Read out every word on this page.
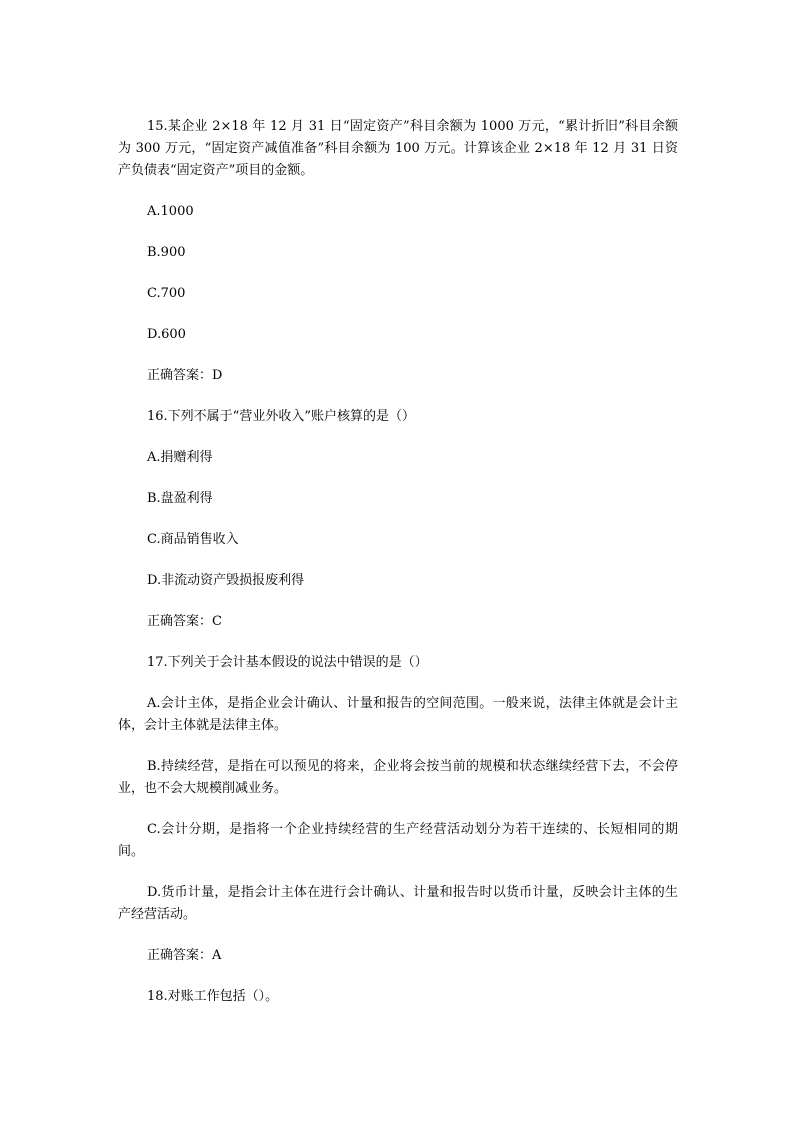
15.某企业 2×18 年 12 月 31 日“固定资产”科目余额为 1000 万元，“累计折旧”科目余额为 300 万元，“固定资产减值准备”科目余额为 100 万元。计算该企业 2×18 年 12 月 31 日资产负债表“固定资产”项目的金额。

A.1000

B.900

C.700

D.600

正确答案：D

16.下列不属于“营业外收入”账户核算的是（）

A.捐赠利得

B.盘盈利得

C.商品销售收入

D.非流动资产毁损报废利得

正确答案：C

17.下列关于会计基本假设的说法中错误的是（）

A.会计主体，是指企业会计确认、计量和报告的空间范围。一般来说，法律主体就是会计主体，会计主体就是法律主体。

B.持续经营，是指在可以预见的将来，企业将会按当前的规模和状态继续经营下去，不会停业，也不会大规模削减业务。

C.会计分期，是指将一个企业持续经营的生产经营活动划分为若干连续的、长短相同的期间。

D.货币计量，是指会计主体在进行会计确认、计量和报告时以货币计量，反映会计主体的生产经营活动。

正确答案：A

18.对账工作包括（）。
